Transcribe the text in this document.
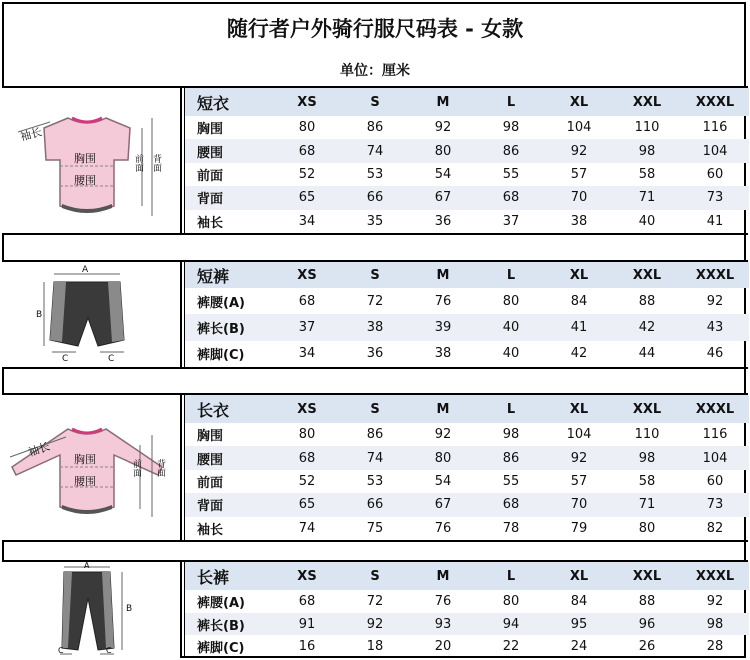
随行者户外骑行服尺码表 - 女款
单位：厘米
袖长
胸围
腰围
前面 背面
短衣	XS	S	M	L	XL	XXL	XXXL
胸围	80	86	92	98	104	110	116
腰围	68	74	80	86	92	98	104
前面	52	53	54	55	57	58	60
背面	65	66	67	68	70	71	73
袖长	34	35	36	37	38	40	41
A
B
C	C
短裤	XS	S	M	L	XL	XXL	XXXL
裤腰(A)	68	72	76	80	84	88	92
裤长(B)	37	38	39	40	41	42	43
裤脚(C)	34	36	38	40	42	44	46
袖长
胸围
腰围
前面 背面
长衣	XS	S	M	L	XL	XXL	XXXL
胸围	80	86	92	98	104	110	116
腰围	68	74	80	86	92	98	104
前面	52	53	54	55	57	58	60
背面	65	66	67	68	70	71	73
袖长	74	75	76	78	79	80	82
A
B
C	C
长裤	XS	S	M	L	XL	XXL	XXXL
裤腰(A)	68	72	76	80	84	88	92
裤长(B)	91	92	93	94	95	96	98
裤脚(C)	16	18	20	22	24	26	28
